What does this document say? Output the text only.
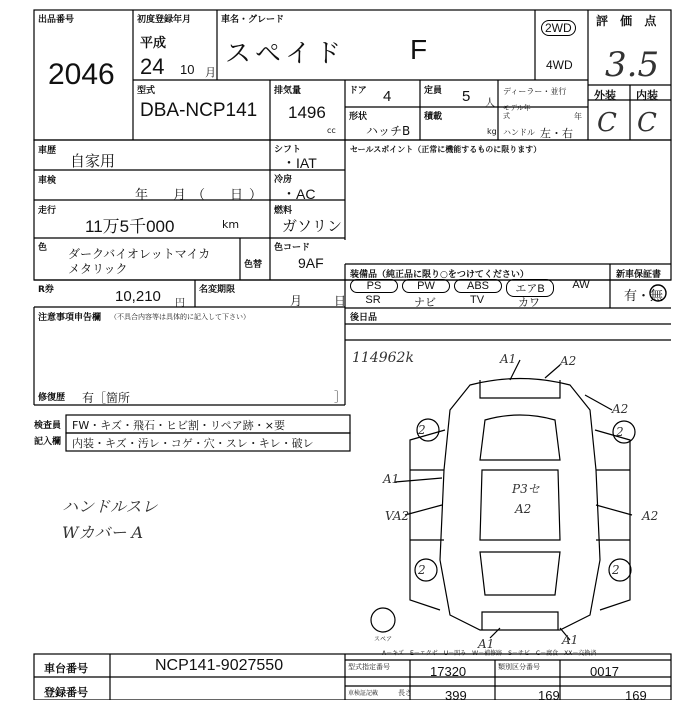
出品番号
2046
初度登録年月
平成
24 10 月
車名・グレード
スペイド F
2WD
4WD
評 価 点
3.5
外装 内装
C C
型式
DBA-NCP141
排気量
1496
cc
ドア 4	定員 5 人
ディーラー・並行
形状
ハッチB
積載
kg
モデル年式	年
ハンドル 左・右
車歴
自家用
シフト
・IAT
セールスポイント（正常に機能するものに限ります）
車検
年　月（　日）
冷房
・AC
走行
11万5千000	km
燃料
ガソリン
色 ダークバイオレットマイカ
メタリック	色替
色コード
9AF
R券	10,210 円
名変期限
月　日
装備品（純正品に限り○をつけてください）	新車保証書
有・無
PS	PW	ABS	エアB	AW
SR	ナビ	TV	カワ
注意事項申告欄 （不具合内容等は具体的に記入して下さい）	後日品
修復歴 有［箇所	］
検査員
記入欄
FW・キズ・飛石・ヒビ割・リペア跡・×要
内装・キズ・汚レ・コゲ・穴・スレ・キレ・破レ
114962k
ハンドルスレ
Wカバー A
A1	A2
A2
2	2
A1
VA2
P3セ
A2	A2
2	2
A1	A1
スペア
A－キズ　E－エクボ　U－凹み　W－補修跡　S－サビ　C－腐食　XX－交換済
車台番号	NCP141-9027550	型式指定番号	17320	類別区分番号	0017
登録番号	車検証記載	長さ	399	169	169
